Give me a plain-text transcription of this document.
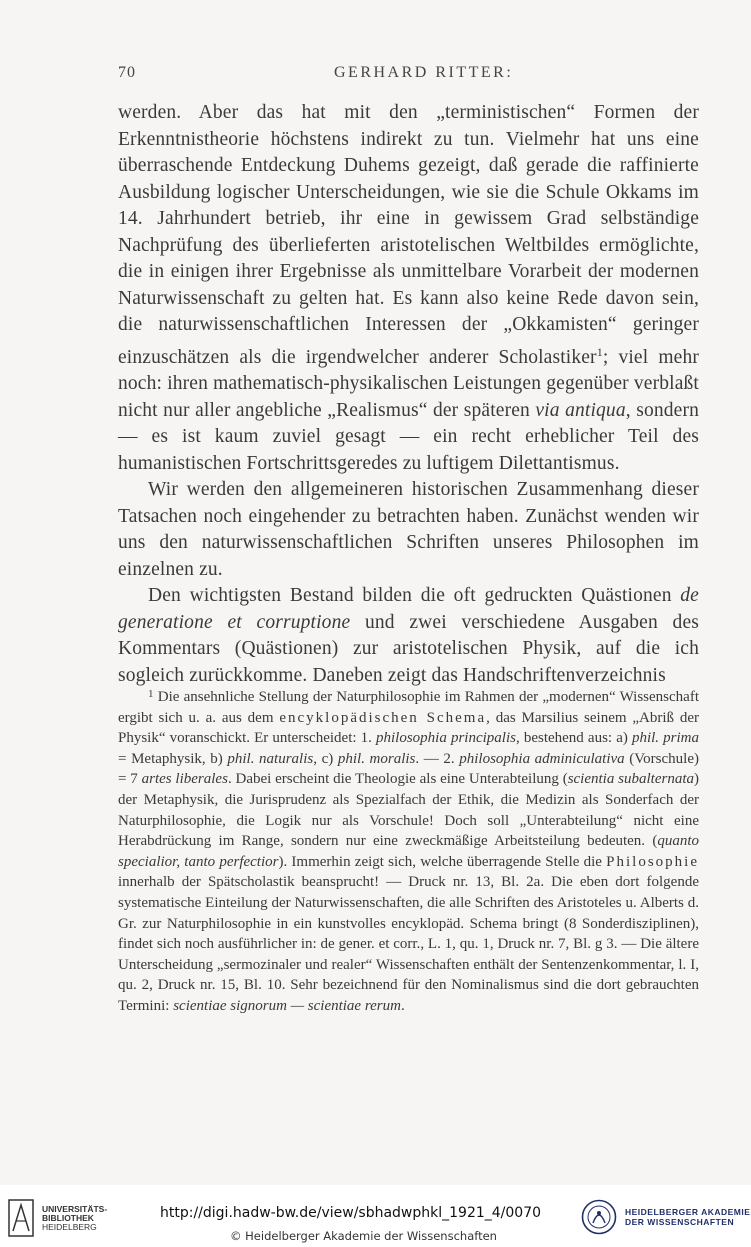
70	GERHARD RITTER:

werden. Aber das hat mit den „terministischen“ Formen der Erkenntnistheorie höchstens indirekt zu tun. Vielmehr hat uns eine überraschende Entdeckung Duhems gezeigt, daß gerade die raffinierte Ausbildung logischer Unterscheidungen, wie sie die Schule Okkams im 14. Jahrhundert betrieb, ihr eine in gewissem Grad selbständige Nachprüfung des überlieferten aristotelischen Weltbildes ermöglichte, die in einigen ihrer Ergebnisse als unmittelbare Vorarbeit der modernen Naturwissenschaft zu gelten hat. Es kann also keine Rede davon sein, die naturwissenschaftlichen Interessen der „Okkamisten“ geringer einzuschätzen als die irgendwelcher anderer Scholastiker$^1$; viel mehr noch: ihren mathematisch-physikalischen Leistungen gegenüber verblaßt nicht nur aller angebliche „Realismus“ der späteren via antiqua, sondern — es ist kaum zuviel gesagt — ein recht erheblicher Teil des humanistischen Fortschrittsgeredes zu luftigem Dilettantismus.

Wir werden den allgemeineren historischen Zusammenhang dieser Tatsachen noch eingehender zu betrachten haben. Zunächst wenden wir uns den naturwissenschaftlichen Schriften unseres Philosophen im einzelnen zu.

Den wichtigsten Bestand bilden die oft gedruckten Quästionen de generatione et corruptione und zwei verschiedene Ausgaben des Kommentars (Quästionen) zur aristotelischen Physik, auf die ich sogleich zurückkomme. Daneben zeigt das Handschriftenverzeichnis

$^1$ Die ansehnliche Stellung der Naturphilosophie im Rahmen der „modernen“ Wissenschaft ergibt sich u. a. aus dem encyklopädischen Schema, das Marsilius seinem „Abriß der Physik“ voranschickt. Er unterscheidet: 1. philosophia principalis, bestehend aus: a) phil. prima = Metaphysik, b) phil. naturalis, c) phil. moralis. — 2. philosophia adminiculativa (Vorschule) = 7 artes liberales. Dabei erscheint die Theologie als eine Unterabteilung (scientia subalternata) der Metaphysik, die Jurisprudenz als Spezialfach der Ethik, die Medizin als Sonderfach der Naturphilosophie, die Logik nur als Vorschule! Doch soll „Unterabteilung“ nicht eine Herabdrückung im Range, sondern nur eine zweckmäßige Arbeitsteilung bedeuten. (quanto specialior, tanto perfectior). Immerhin zeigt sich, welche überragende Stelle die Philosophie innerhalb der Spätscholastik beansprucht! — Druck nr. 13, Bl. 2a. Die eben dort folgende systematische Einteilung der Naturwissenschaften, die alle Schriften des Aristoteles u. Alberts d. Gr. zur Naturphilosophie in ein kunstvolles encyklopäd. Schema bringt (8 Sonderdisziplinen), findet sich noch ausführlicher in: de gener. et corr., L. 1, qu. 1, Druck nr. 7, Bl. g 3. — Die ältere Unterscheidung „sermozinaler und realer“ Wissenschaften enthält der Sentenzenkommentar, l. I, qu. 2, Druck nr. 15, Bl. 10. Sehr bezeichnend für den Nominalismus sind die dort gebrauchten Termini: scientiae signorum — scientiae rerum.

UNIVERSITÄTS-
BIBLIOTHEK
HEIDELBERG
http://digi.hadw-bw.de/view/sbhadwphkl_1921_4/0070
© Heidelberger Akademie der Wissenschaften
HEIDELBERGER AKADEMIE
DER WISSENSCHAFTEN
